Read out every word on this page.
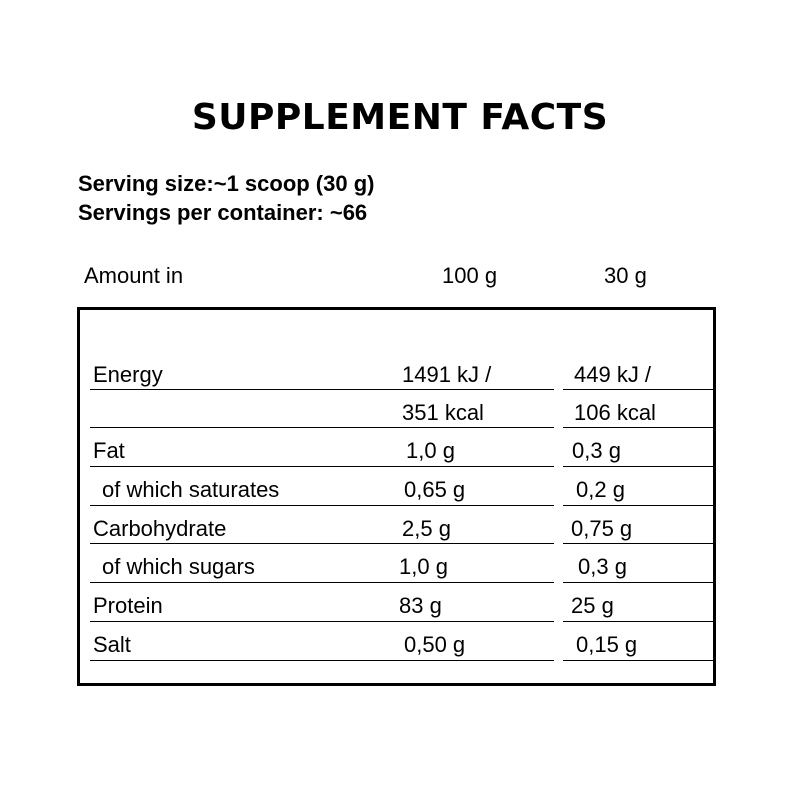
SUPPLEMENT FACTS
Serving size:~1 scoop (30 g)
Servings per container: ~66
Amount in	100 g	30 g
Energy	1491 kJ /	449 kJ /
351 kcal	106 kcal
Fat	1,0 g	0,3 g
of which saturates	0,65 g	0,2 g
Carbohydrate	2,5 g	0,75 g
of which sugars	1,0 g	0,3 g
Protein	83 g	25 g
Salt	0,50 g	0,15 g
